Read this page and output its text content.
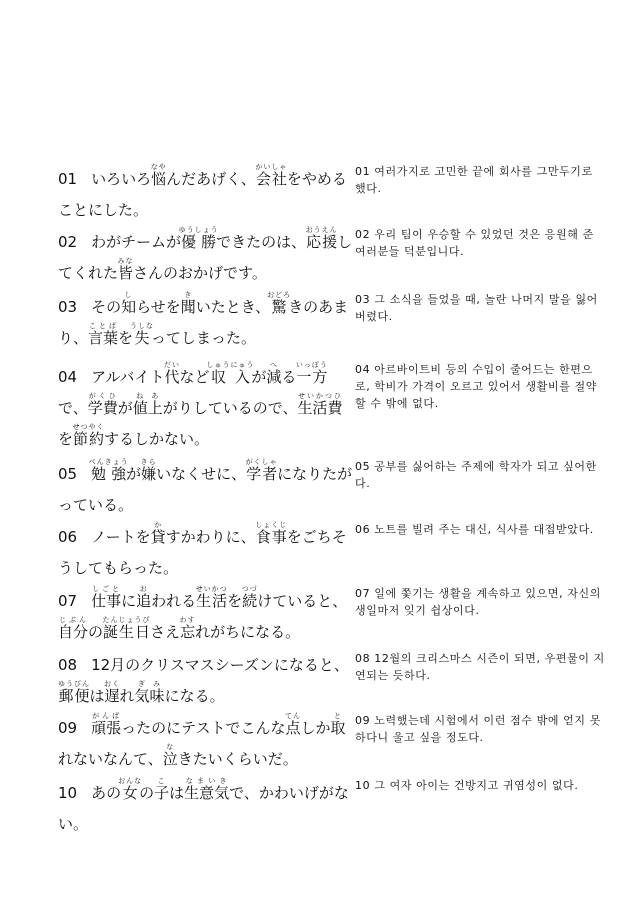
01 いろいろ悩なやんだあげく、会社かいしゃをやめることにした。
01 여러가지로 고민한 끝에 회사를 그만두기로 했다.
02 わがチームが優勝ゆうしょうできたのは、応援おうえんしてくれた皆みなさんのおかげです。
02 우리 팀이 우승할 수 있었던 것은 응원해 준 여러분들 덕분입니다.
03 その知しらせを聞きいたとき、驚おどろきのあまり、言葉ことばを失うしなってしまった。
03 그 소식을 들었을 때, 놀란 나머지 말을 잃어 버렸다.
04 アルバイト代だいなど収入しゅうにゅうが減へる一方いっぽうで、学費がくひが値上ねあがりしているので、生活費せいかつひを節約せつやくするしかない。
04 아르바이트비 등의 수입이 줄어드는 한편으로, 학비가 가격이 오르고 있어서 생활비를 절약 할 수 밖에 없다.
05 勉強べんきょうが嫌きらいなくせに、学者がくしゃになりたがっている。
05 공부를 싫어하는 주제에 학자가 되고 싶어한다.
06 ノートを貸かすかわりに、食事しょくじをごちそうしてもらった。
06 노트를 빌려 주는 대신, 식사를 대접받았다.
07 仕事しごとに追おわれる生活せいかつを続つづけていると、自分じぶんの誕生日たんじょうびさえ忘わすれがちになる。
07 일에 쫓기는 생활을 계속하고 있으면, 자신의 생일마저 잊기 쉽상이다.
08 12月のクリスマスシーズンになると、郵便ゆうびんは遅おくれ気味ぎみになる。
08 12월의 크리스마스 시즌이 되면, 우편물이 지연되는 듯하다.
09 頑張がんばったのにテストでこんな点てんしか取とれないなんて、泣なきたいくらいだ。
09 노력했는데 시험에서 이런 점수 밖에 얻지 못하다니 울고 싶을 정도다.
10 あの女おんなの子こは生意気なまいきで、かわいげがない。
10 그 여자 아이는 건방지고 귀염성이 없다.
